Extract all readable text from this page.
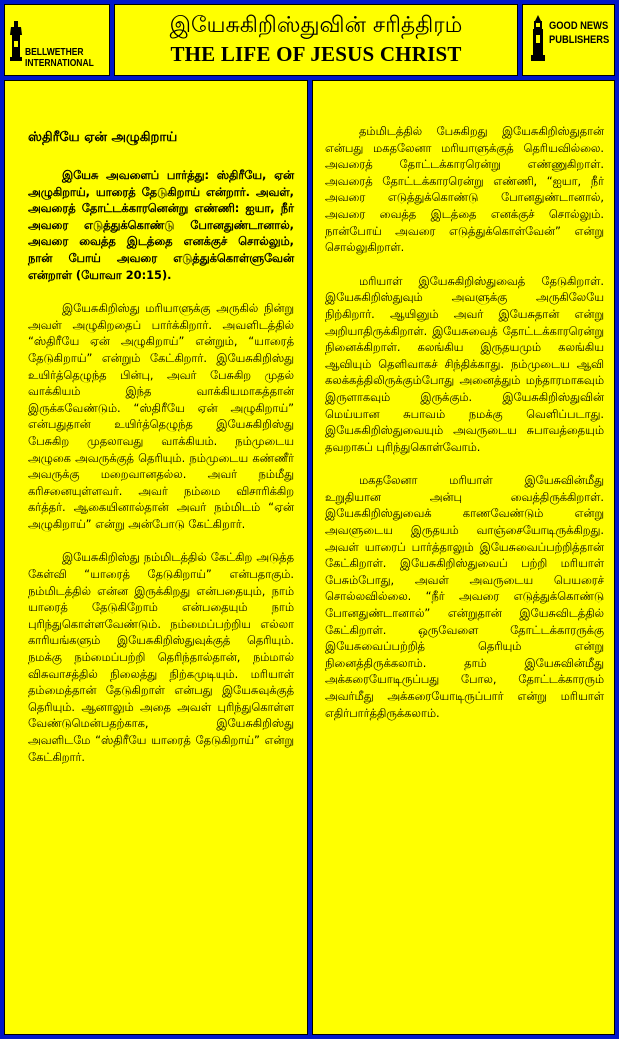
BELLWETHER
INTERNATIONAL
இயேசுகிறிஸ்துவின் சரித்திரம்
THE LIFE OF JESUS CHRIST
GOOD NEWS
PUBLISHERS
ஸ்திரீயே ஏன் அழுகிறாய்

இயேசு அவளைப் பார்த்து: ஸ்திரீயே, ஏன் அழுகிறாய், யாரைத் தேடுகிறாய் என்றார். அவள், அவரைத் தோட்டக்காரனென்று எண்ணி: ஐயா, நீர் அவரை எடுத்துக்கொண்டு போனதுண்டானால், அவரை வைத்த இடத்தை எனக்குச் சொல்லும், நான் போய் அவரை எடுத்துக்கொள்ளுவேன் என்றாள் (யோவா 20:15).

இயேசுகிறிஸ்து மரியாளுக்கு அருகில் நின்று அவள் அழுகிறதைப் பார்க்கிறார். அவளிடத்தில் “ஸ்திரீயே ஏன் அழுகிறாய்” என்றும், “யாரைத் தேடுகிறாய்” என்றும் கேட்கிறார். இயேசுகிறிஸ்து உயிர்த்தெழுந்த பின்பு, அவர் பேசுகிற முதல் வாக்கியம் இந்த வாக்கியமாகத்தான் இருக்கவேண்டும். “ஸ்திரீயே ஏன் அழுகிறாய்” என்பதுதான் உயிர்த்தெழுந்த இயேசுகிறிஸ்து பேசுகிற முதலாவது வாக்கியம். நம்முடைய அழுகை அவருக்குத் தெரியும். நம்முடைய கண்ணீர் அவருக்கு மறைவானதல்ல. அவர் நம்மீது கரிசனையுள்ளவர். அவர் நம்மை விசாரிக்கிற கர்த்தர். ஆகையினால்தான் அவர் நம்மிடம் “ஏன் அழுகிறாய்” என்று அன்போடு கேட்கிறார்.

இயேசுகிறிஸ்து நம்மிடத்தில் கேட்கிற அடுத்த கேள்வி “யாரைத் தேடுகிறாய்” என்பதாகும். நம்மிடத்தில் என்ன இருக்கிறது என்பதையும், நாம் யாரைத் தேடுகிறோம் என்பதையும் நாம் புரிந்துகொள்ளவேண்டும். நம்மைப்பற்றிய எல்லா காரியங்களும் இயேசுகிறிஸ்துவுக்குத் தெரியும். நமக்கு நம்மைப்பற்றி தெரிந்தால்தான், நம்மால் விசுவாசத்தில் நிலைத்து நிற்கமுடியும். மரியாள் தம்மைத்தான் தேடுகிறாள் என்பது இயேசுவுக்குத் தெரியும். ஆனாலும் அதை அவள் புரிந்துகொள்ள வேண்டுமென்பதற்காக, இயேசுகிறிஸ்து அவளிடமே “ஸ்திரீயே யாரைத் தேடுகிறாய்” என்று கேட்கிறார்.

தம்மிடத்தில் பேசுகிறது இயேசுகிறிஸ்துதான் என்பது மகதலேனா மரியாளுக்குத் தெரியவில்லை. அவரைத் தோட்டக்காரரென்று எண்ணுகிறாள். அவரைத் தோட்டக்காரரென்று எண்ணி, “ஐயா, நீர் அவரை எடுத்துக்கொண்டு போனதுண்டானால், அவரை வைத்த இடத்தை எனக்குச் சொல்லும். நான்போய் அவரை எடுத்துக்கொள்வேன்” என்று சொல்லுகிறாள்.

மரியாள் இயேசுகிறிஸ்துவைத் தேடுகிறாள். இயேசுகிறிஸ்துவும் அவளுக்கு அருகிலேயே நிற்கிறார். ஆயினும் அவர் இயேசுதான் என்று அறியாதிருக்கிறாள். இயேசுவைத் தோட்டக்காரரென்று நினைக்கிறாள். கலங்கிய இருதயமும் கலங்கிய ஆவியும் தெளிவாகச் சிந்திக்காது. நம்முடைய ஆவி கலக்கத்திலிருக்கும்போது அனைத்தும் மந்தாரமாகவும் இருளாகவும் இருக்கும். இயேசுகிறிஸ்துவின் மெய்யான சுபாவம் நமக்கு வெளிப்படாது. இயேசுகிறிஸ்துவையும் அவருடைய சுபாவத்தையும் தவறாகப் புரிந்துகொள்வோம்.

மகதலேனா மரியாள் இயேசுவின்மீது உறுதியான அன்பு வைத்திருக்கிறாள். இயேசுகிறிஸ்துவைக் காணவேண்டும் என்று அவளுடைய இருதயம் வாஞ்சையோடிருக்கிறது. அவள் யாரைப் பார்த்தாலும் இயேசுவைப்பற்றித்தான் கேட்கிறாள். இயேசுகிறிஸ்துவைப் பற்றி மரியாள் பேசும்போது, அவள் அவருடைய பெயரைச் சொல்லவில்லை. “நீர் அவரை எடுத்துக்கொண்டு போனதுண்டானால்” என்றுதான் இயேசுவிடத்தில் கேட்கிறாள். ஒருவேளை தோட்டக்காரருக்கு இயேசுவைப்பற்றித் தெரியும் என்று நினைத்திருக்கலாம். தாம் இயேசுவின்மீது அக்கரையோடிருப்பது போல, தோட்டக்காரரும் அவர்மீது அக்கரையோடிருப்பார் என்று மரியாள் எதிர்பார்த்திருக்கலாம்.
